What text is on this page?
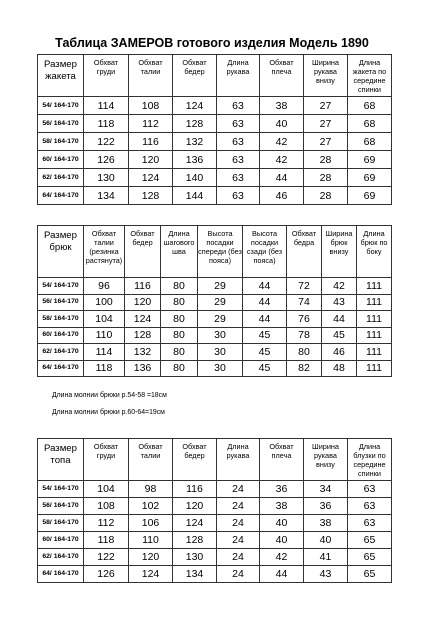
Таблица ЗАМЕРОВ готового изделия Модель 1890
Размер жакета	Обхват груди	Обхват талии	Обхват бедер	Длина рукава	Обхват плеча	Ширина рукава внизу	Длина жакета по середине спинки
54/ 164-170	114	108	124	63	38	27	68
56/ 164-170	118	112	128	63	40	27	68
58/ 164-170	122	116	132	63	42	27	68
60/ 164-170	126	120	136	63	42	28	69
62/ 164-170	130	124	140	63	44	28	69
64/ 164-170	134	128	144	63	46	28	69
Размер брюк	Обхват талии (резинка растянута)	Обхват бедер	Длина шагового шва	Высота посадки спереди (без пояса)	Высота посадки сзади (без пояса)	Обхват бедра	Ширина брюк внизу	Длина брюк по боку
54/ 164-170	96	116	80	29	44	72	42	111
56/ 164-170	100	120	80	29	44	74	43	111
58/ 164-170	104	124	80	29	44	76	44	111
60/ 164-170	110	128	80	30	45	78	45	111
62/ 164-170	114	132	80	30	45	80	46	111
64/ 164-170	118	136	80	30	45	82	48	111
Длина молнии брюки р.54-58 =18см
Длина молнии брюки р.60-64=19см
Размер топа	Обхват груди	Обхват талии	Обхват бедер	Длина рукава	Обхват плеча	Ширина рукава внизу	Длина блузки по середине спинки
54/ 164-170	104	98	116	24	36	34	63
56/ 164-170	108	102	120	24	38	36	63
58/ 164-170	112	106	124	24	40	38	63
60/ 164-170	118	110	128	24	40	40	65
62/ 164-170	122	120	130	24	42	41	65
64/ 164-170	126	124	134	24	44	43	65
